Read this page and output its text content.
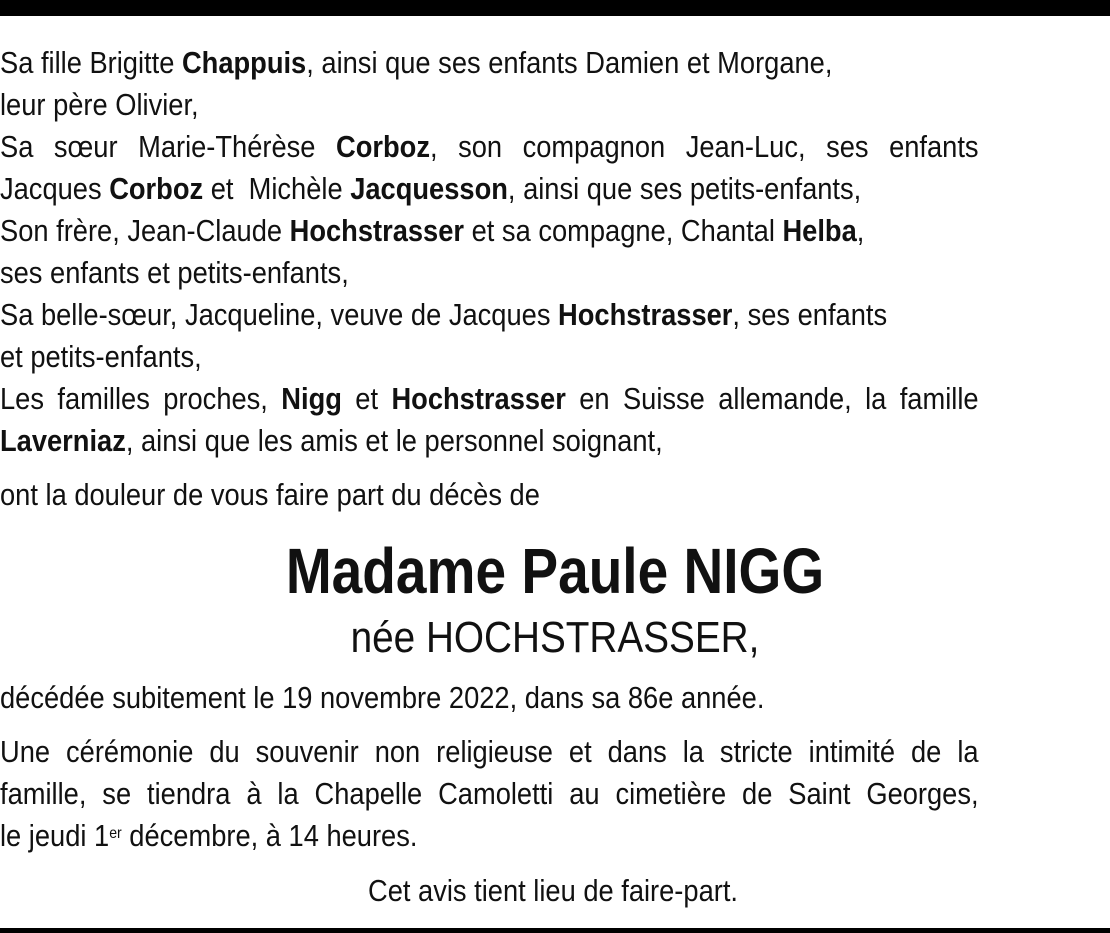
Sa fille Brigitte Chappuis, ainsi que ses enfants Damien et Morgane,
leur père Olivier,
Sa sœur Marie-Thérèse Corboz, son compagnon Jean-Luc, ses enfants
Jacques Corboz et  Michèle Jacquesson, ainsi que ses petits-enfants,
Son frère, Jean-Claude Hochstrasser et sa compagne, Chantal Helba,
ses enfants et petits-enfants,
Sa belle-sœur, Jacqueline, veuve de Jacques Hochstrasser, ses enfants
et petits-enfants,
Les familles proches, Nigg et Hochstrasser en Suisse allemande, la famille
Laverniaz, ainsi que les amis et le personnel soignant,
ont la douleur de vous faire part du décès de
Madame Paule NIGG
née HOCHSTRASSER,
décédée subitement le 19 novembre 2022, dans sa 86e année.
Une cérémonie du souvenir non religieuse et dans la stricte intimité de la
famille, se tiendra à la Chapelle Camoletti au cimetière de Saint Georges,
le jeudi 1er décembre, à 14 heures.
Cet avis tient lieu de faire-part.
